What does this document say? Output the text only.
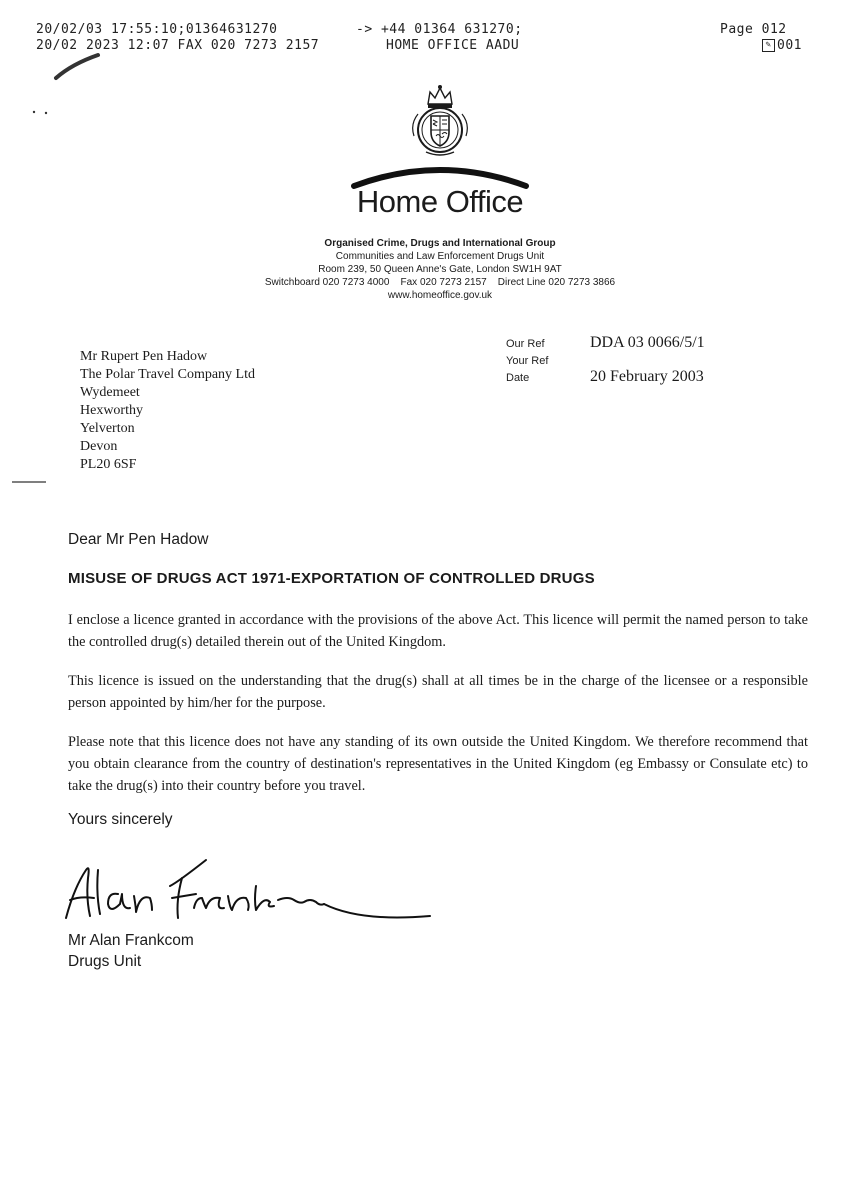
20/02/03 17:55:10;01364631270	-> +44 01364 631270;	Page 012
20/02 2023 12:07 FAX 020 7273 2157	HOME OFFICE AADU	✎ 001
Home Office
Organised Crime, Drugs and International Group
Communities and Law Enforcement Drugs Unit
Room 239, 50 Queen Anne's Gate, London SW1H 9AT
Switchboard 020 7273 4000    Fax 020 7273 2157    Direct Line 020 7273 3866
www.homeoffice.gov.uk
Mr Rupert Pen Hadow
The Polar Travel Company Ltd
Wydemeet
Hexworthy
Yelverton
Devon
PL20 6SF
Our Ref	DDA 03 0066/5/1
Your Ref
Date	20 February 2003
Dear Mr Pen Hadow
MISUSE OF DRUGS ACT 1971-EXPORTATION OF CONTROLLED DRUGS
I enclose a licence granted in accordance with the provisions of the above Act. This licence will permit the named person to take the controlled drug(s) detailed therein out of the United Kingdom.
This licence is issued on the understanding that the drug(s) shall at all times be in the charge of the licensee or a responsible person appointed by him/her for the purpose.
Please note that this licence does not have any standing of its own outside the United Kingdom. We therefore recommend that you obtain clearance from the country of destination's representatives in the United Kingdom (eg Embassy or Consulate etc) to take the drug(s) into their country before you travel.
Yours sincerely
Mr Alan Frankcom
Drugs Unit
